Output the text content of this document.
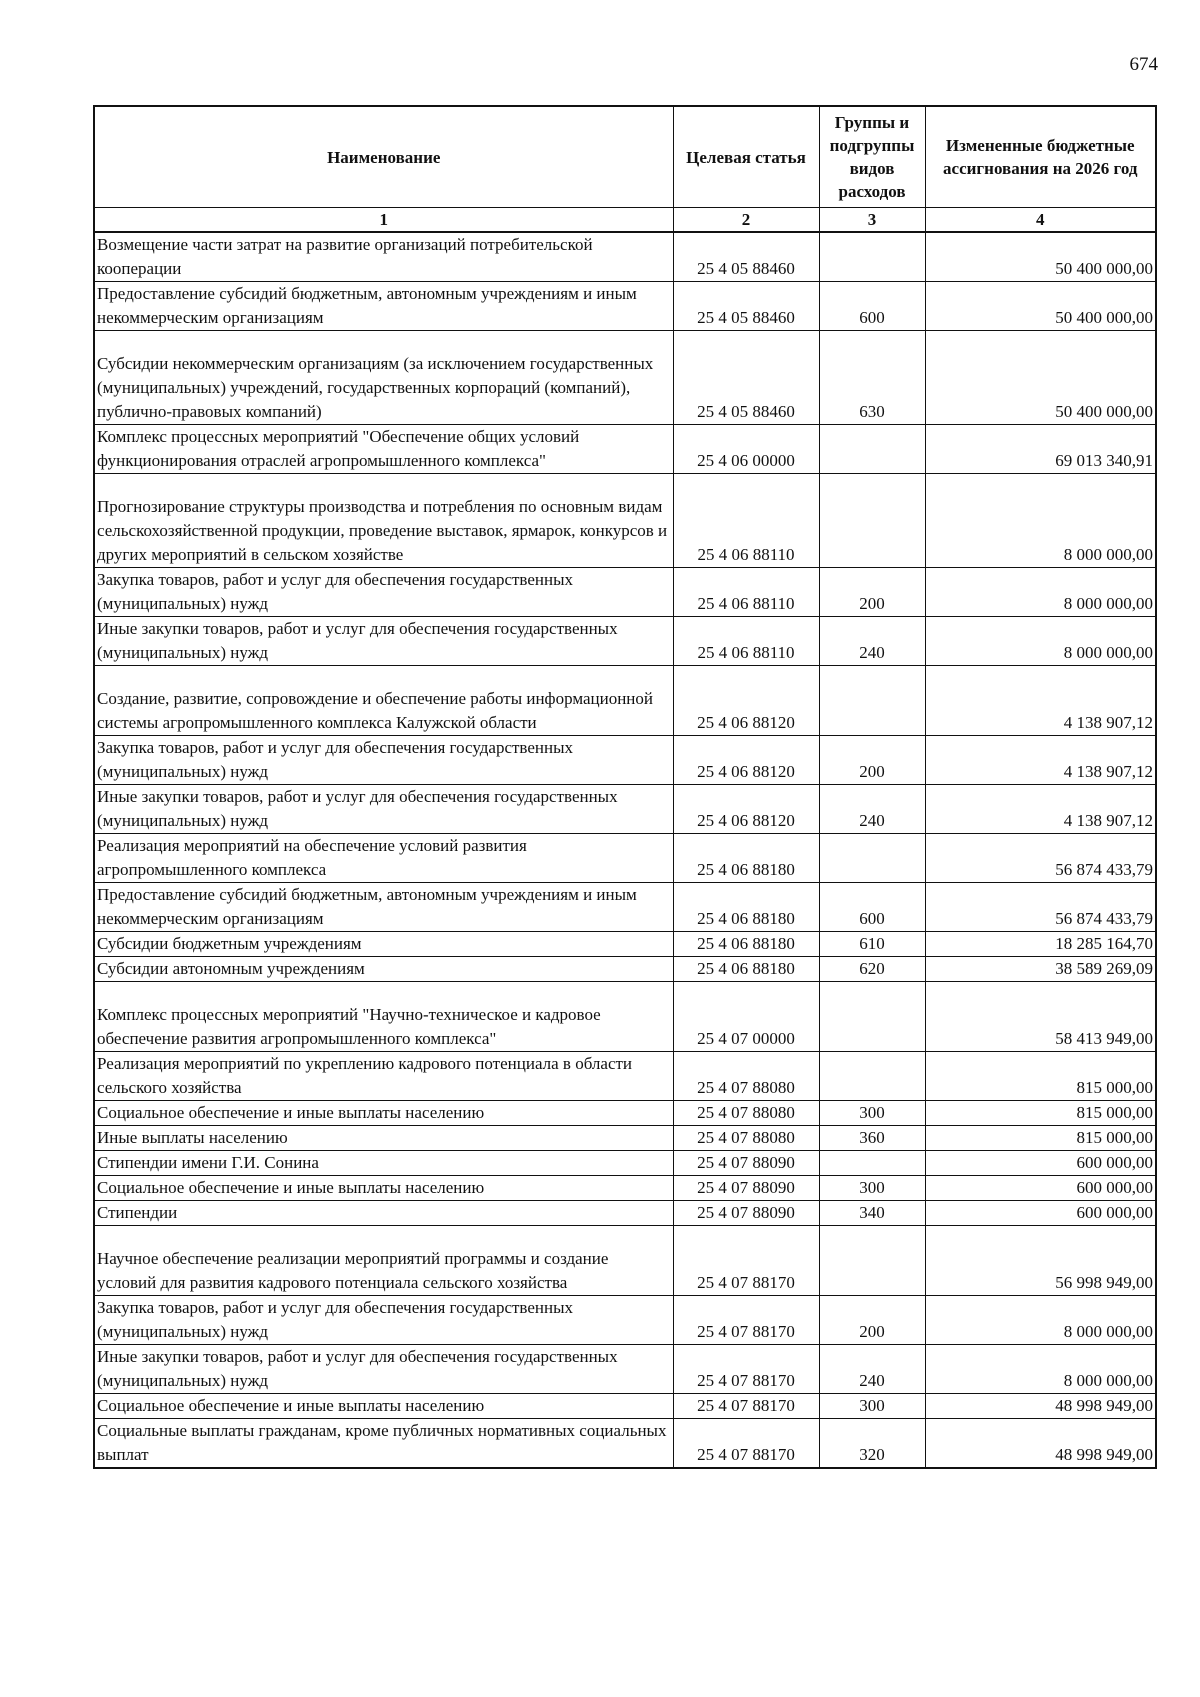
674
Наименование	Целевая статья	Группы и подгруппы видов расходов	Измененные бюджетные ассигнования на 2026 год
1	2	3	4
Возмещение части затрат на развитие организаций потребительской кооперации	25 4 05 88460		50 400 000,00
Предоставление субсидий бюджетным, автономным учреждениям и иным некоммерческим организациям	25 4 05 88460	600	50 400 000,00
Субсидии некоммерческим организациям (за исключением государственных (муниципальных) учреждений, государственных корпораций (компаний), публично-правовых компаний)	25 4 05 88460	630	50 400 000,00
Комплекс процессных мероприятий "Обеспечение общих условий функционирования отраслей агропромышленного комплекса"	25 4 06 00000		69 013 340,91
Прогнозирование структуры производства и потребления по основным видам сельскохозяйственной продукции, проведение выставок, ярмарок, конкурсов и других мероприятий в сельском хозяйстве	25 4 06 88110		8 000 000,00
Закупка товаров, работ и услуг для обеспечения государственных (муниципальных) нужд	25 4 06 88110	200	8 000 000,00
Иные закупки товаров, работ и услуг для обеспечения государственных (муниципальных) нужд	25 4 06 88110	240	8 000 000,00
Создание, развитие, сопровождение и обеспечение работы информационной системы агропромышленного комплекса Калужской области	25 4 06 88120		4 138 907,12
Закупка товаров, работ и услуг для обеспечения государственных (муниципальных) нужд	25 4 06 88120	200	4 138 907,12
Иные закупки товаров, работ и услуг для обеспечения государственных (муниципальных) нужд	25 4 06 88120	240	4 138 907,12
Реализация мероприятий на обеспечение условий развития агропромышленного комплекса	25 4 06 88180		56 874 433,79
Предоставление субсидий бюджетным, автономным учреждениям и иным некоммерческим организациям	25 4 06 88180	600	56 874 433,79
Субсидии бюджетным учреждениям	25 4 06 88180	610	18 285 164,70
Субсидии автономным учреждениям	25 4 06 88180	620	38 589 269,09
Комплекс процессных мероприятий "Научно-техническое и кадровое обеспечение развития агропромышленного комплекса"	25 4 07 00000		58 413 949,00
Реализация мероприятий по укреплению кадрового потенциала в области сельского хозяйства	25 4 07 88080		815 000,00
Социальное обеспечение и иные выплаты населению	25 4 07 88080	300	815 000,00
Иные выплаты населению	25 4 07 88080	360	815 000,00
Стипендии имени Г.И. Сонина	25 4 07 88090		600 000,00
Социальное обеспечение и иные выплаты населению	25 4 07 88090	300	600 000,00
Стипендии	25 4 07 88090	340	600 000,00
Научное обеспечение реализации мероприятий программы и создание условий для развития кадрового потенциала сельского хозяйства	25 4 07 88170		56 998 949,00
Закупка товаров, работ и услуг для обеспечения государственных (муниципальных) нужд	25 4 07 88170	200	8 000 000,00
Иные закупки товаров, работ и услуг для обеспечения государственных (муниципальных) нужд	25 4 07 88170	240	8 000 000,00
Социальное обеспечение и иные выплаты населению	25 4 07 88170	300	48 998 949,00
Социальные выплаты гражданам, кроме публичных нормативных социальных выплат	25 4 07 88170	320	48 998 949,00
